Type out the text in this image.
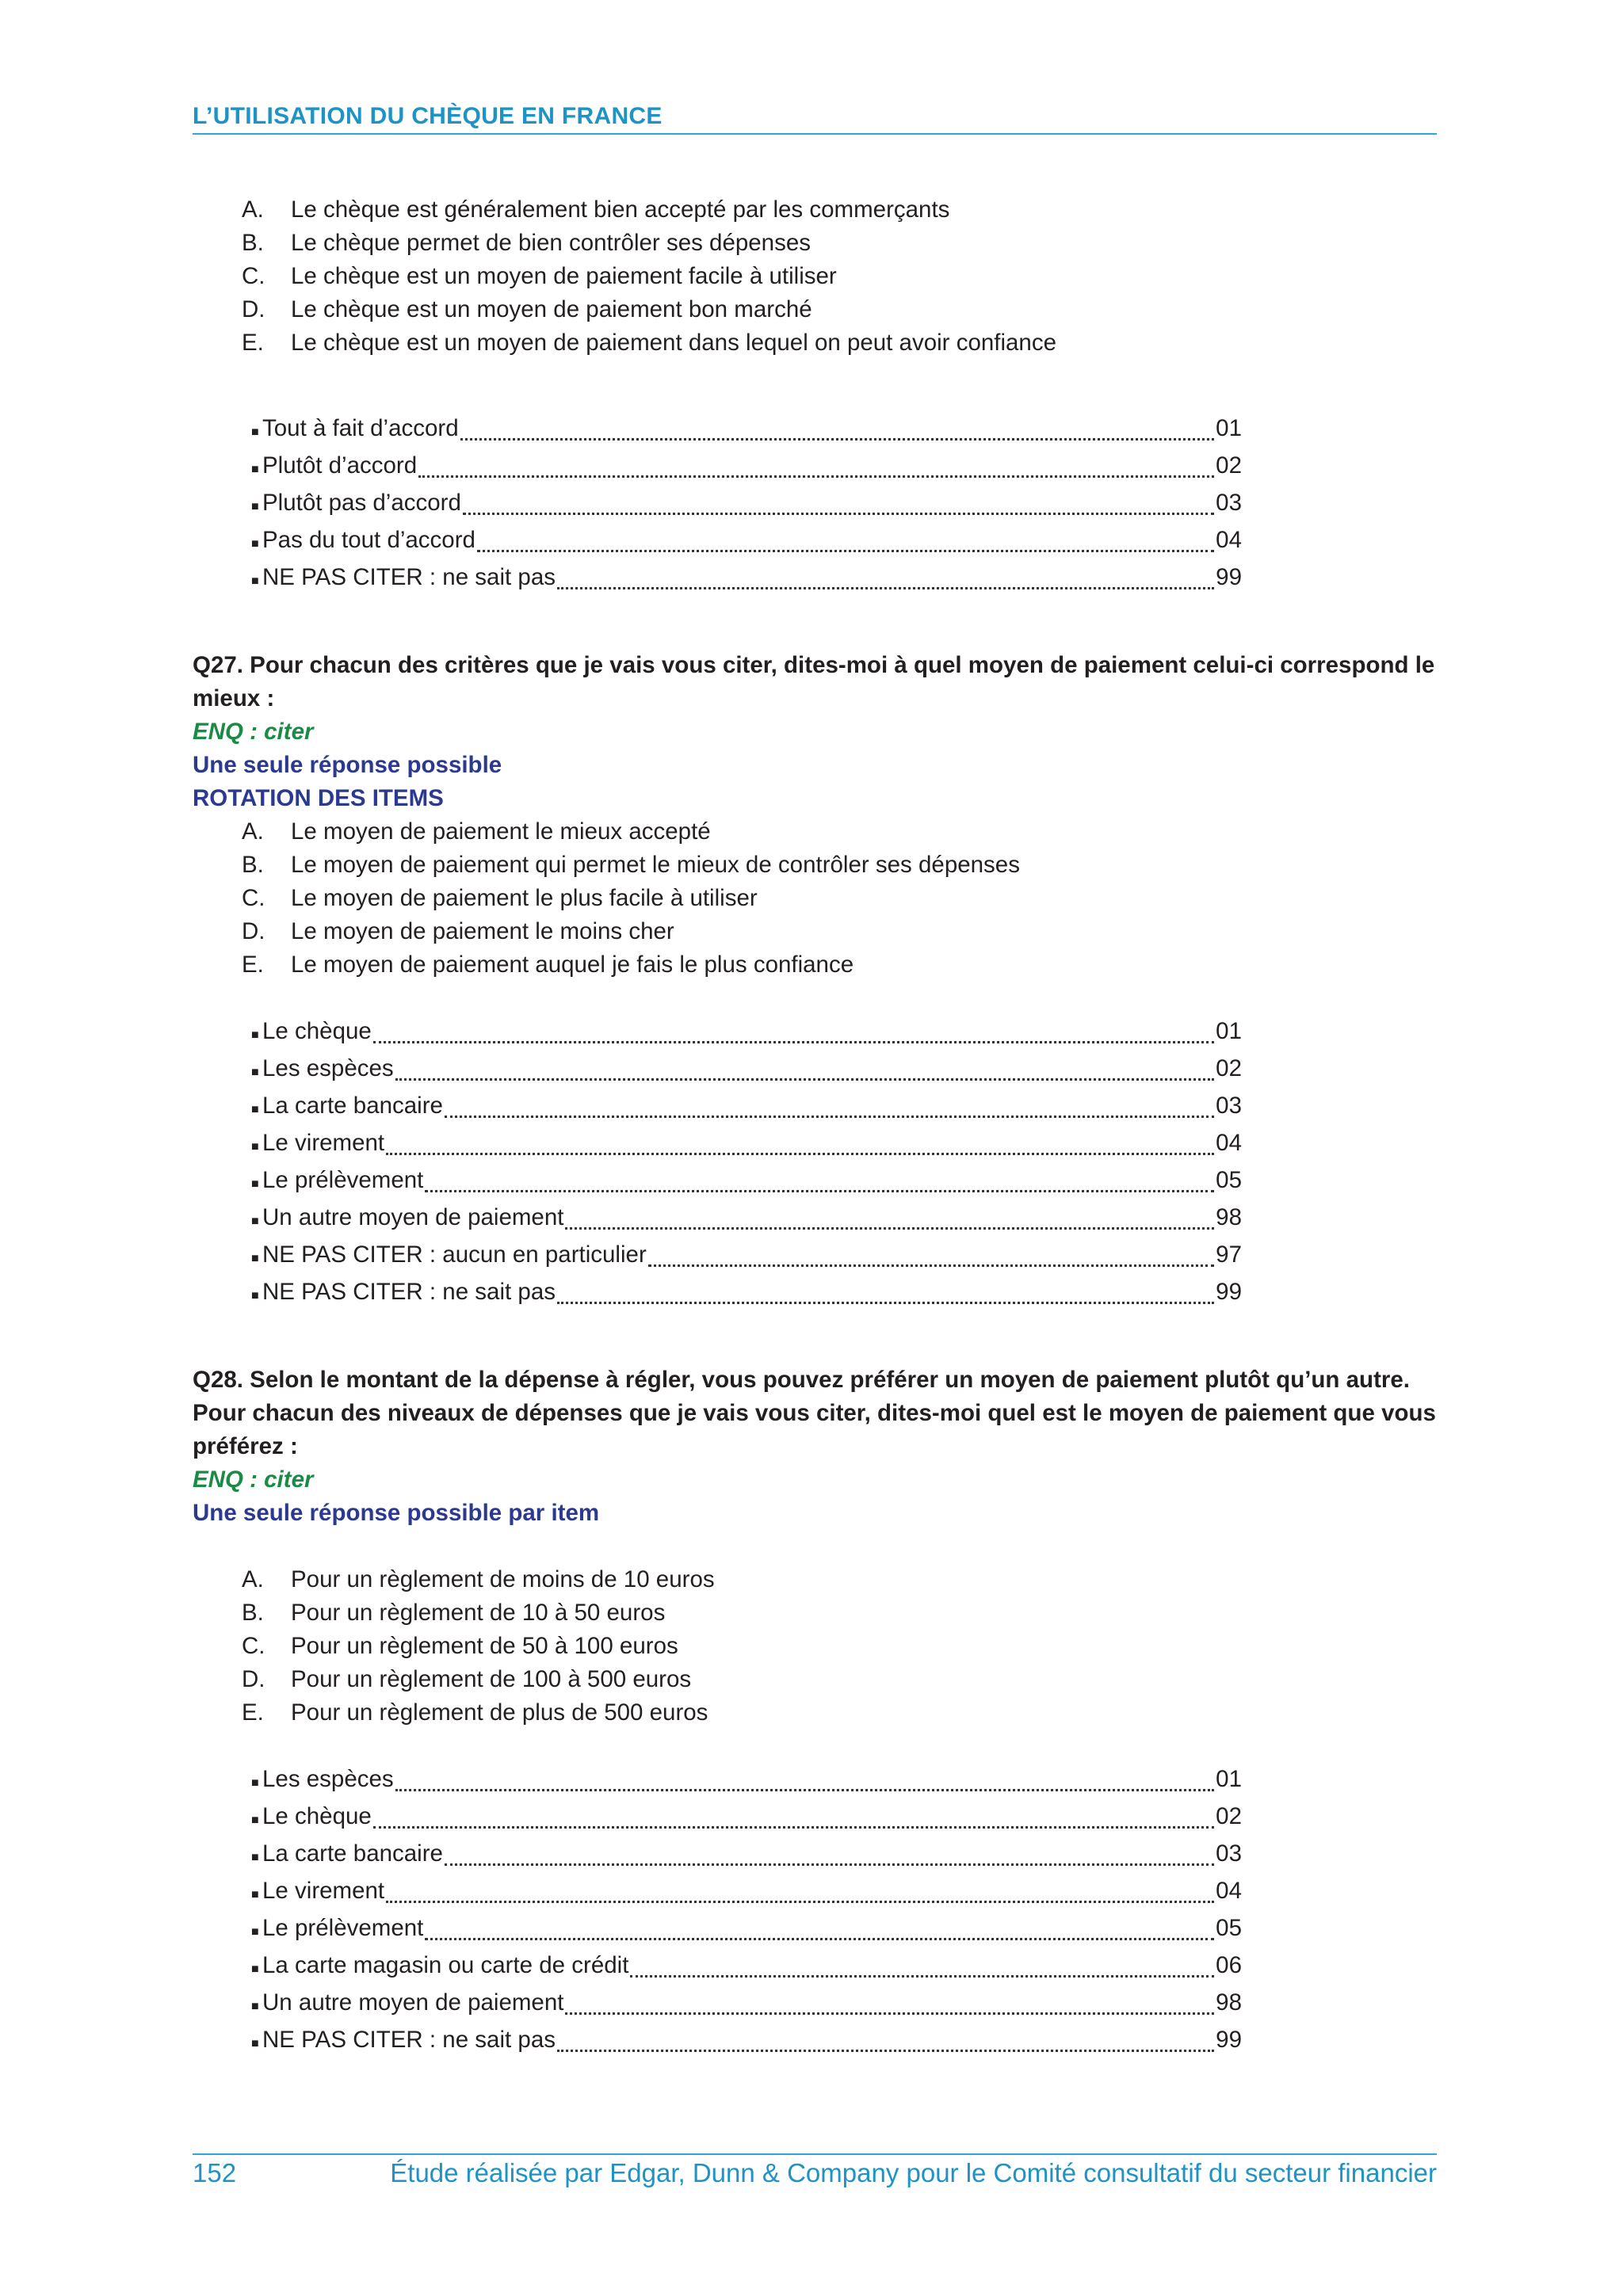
L’UTILISATION DU CHÈQUE EN FRANCE
A.	Le chèque est généralement bien accepté par les commerçants
B.	Le chèque permet de bien contrôler ses dépenses
C.	Le chèque est un moyen de paiement facile à utiliser
D.	Le chèque est un moyen de paiement bon marché
E.	Le chèque est un moyen de paiement dans lequel on peut avoir confiance
■ Tout à fait d’accord	01
■ Plutôt d’accord	02
■ Plutôt pas d’accord	03
■ Pas du tout d’accord	04
■ NE PAS CITER : ne sait pas	99
Q27. Pour chacun des critères que je vais vous citer, dites-moi à quel moyen de paiement celui-ci correspond le mieux :
ENQ : citer
Une seule réponse possible
ROTATION DES ITEMS
A.	Le moyen de paiement le mieux accepté
B.	Le moyen de paiement qui permet le mieux de contrôler ses dépenses
C.	Le moyen de paiement le plus facile à utiliser
D.	Le moyen de paiement le moins cher
E.	Le moyen de paiement auquel je fais le plus confiance
■ Le chèque	01
■ Les espèces	02
■ La carte bancaire	03
■ Le virement	04
■ Le prélèvement	05
■ Un autre moyen de paiement	98
■ NE PAS CITER : aucun en particulier	97
■ NE PAS CITER : ne sait pas	99
Q28. Selon le montant de la dépense à régler, vous pouvez préférer un moyen de paiement plutôt qu’un autre.
Pour chacun des niveaux de dépenses que je vais vous citer, dites-moi quel est le moyen de paiement que vous préférez :
ENQ : citer
Une seule réponse possible par item
A.	Pour un règlement de moins de 10 euros
B.	Pour un règlement de 10 à 50 euros
C.	Pour un règlement de 50 à 100 euros
D.	Pour un règlement de 100 à 500 euros
E.	Pour un règlement de plus de 500 euros
■ Les espèces	01
■ Le chèque	02
■ La carte bancaire	03
■ Le virement	04
■ Le prélèvement	05
■ La carte magasin ou carte de crédit	06
■ Un autre moyen de paiement	98
■ NE PAS CITER : ne sait pas	99
152	Étude réalisée par Edgar, Dunn & Company pour le Comité consultatif du secteur financier
